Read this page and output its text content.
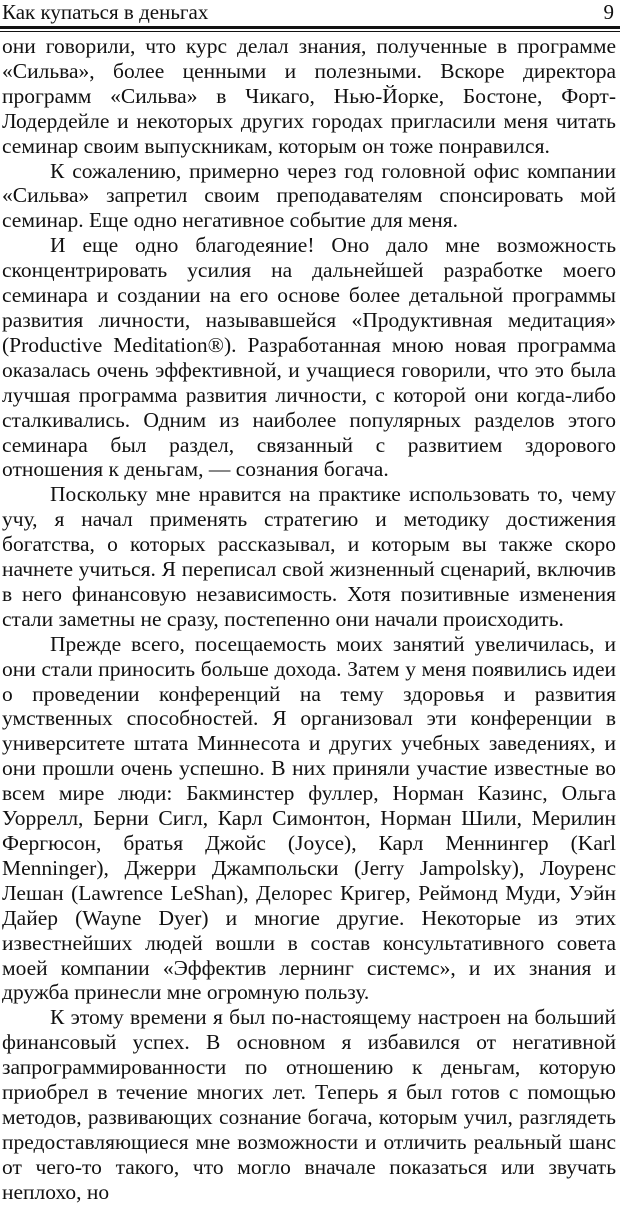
Как купаться в деньгах	9

они говорили, что курс делал знания, полученные в программе «Сильва», более ценными и полезными. Вскоре директора программ «Сильва» в Чикаго, Нью-Йорке, Бостоне, Форт-Лодердейле и некоторых других городах пригласили меня читать семинар своим выпускникам, которым он тоже понравился.

К сожалению, примерно через год головной офис компании «Сильва» запретил своим преподавателям спонсировать мой семинар. Еще одно негативное событие для меня.

И еще одно благодеяние! Оно дало мне возможность сконцентрировать усилия на дальнейшей разработке моего семинара и создании на его основе более детальной программы развития личности, называвшейся «Продуктивная медитация» (Productive Meditation®). Разработанная мною новая программа оказалась очень эффективной, и учащиеся говорили, что это была лучшая программа развития личности, с которой они когда-либо сталкивались. Одним из наиболее популярных разделов этого семинара был раздел, связанный с развитием здорового отношения к деньгам, — сознания богача.

Поскольку мне нравится на практике использовать то, чему учу, я начал применять стратегию и методику достижения богатства, о которых рассказывал, и которым вы также скоро начнете учиться. Я переписал свой жизненный сценарий, включив в него финансовую независимость. Хотя позитивные изменения стали заметны не сразу, постепенно они начали происходить.

Прежде всего, посещаемость моих занятий увеличилась, и они стали приносить больше дохода. Затем у меня появились идеи о проведении конференций на тему здоровья и развития умственных способностей. Я организовал эти конференции в университете штата Миннесота и других учебных заведениях, и они прошли очень успешно. В них приняли участие известные во всем мире люди: Бакминстер фуллер, Норман Казинс, Ольга Уоррелл, Берни Сигл, Карл Симонтон, Норман Шили, Мерилин Фергюсон, братья Джойс (Joyce), Карл Меннингер (Karl Menninger), Джерри Джампольски (Jerry Jampolsky), Лоуренс Лешан (Lawrence LeShan), Делорес Кригер, Реймонд Муди, Уэйн Дайер (Wayne Dyer) и многие другие. Некоторые из этих известнейших людей вошли в состав консультативного совета моей компании «Эффектив лернинг системс», и их знания и дружба принесли мне огромную пользу.

К этому времени я был по-настоящему настроен на больший финансовый успех. В основном я избавился от негативной запрограммированности по отношению к деньгам, которую приобрел в течение многих лет. Теперь я был готов с помощью методов, развивающих сознание богача, которым учил, разглядеть предоставляющиеся мне возможности и отличить реальный шанс от чего-то такого, что могло вначале показаться или звучать неплохо, но
